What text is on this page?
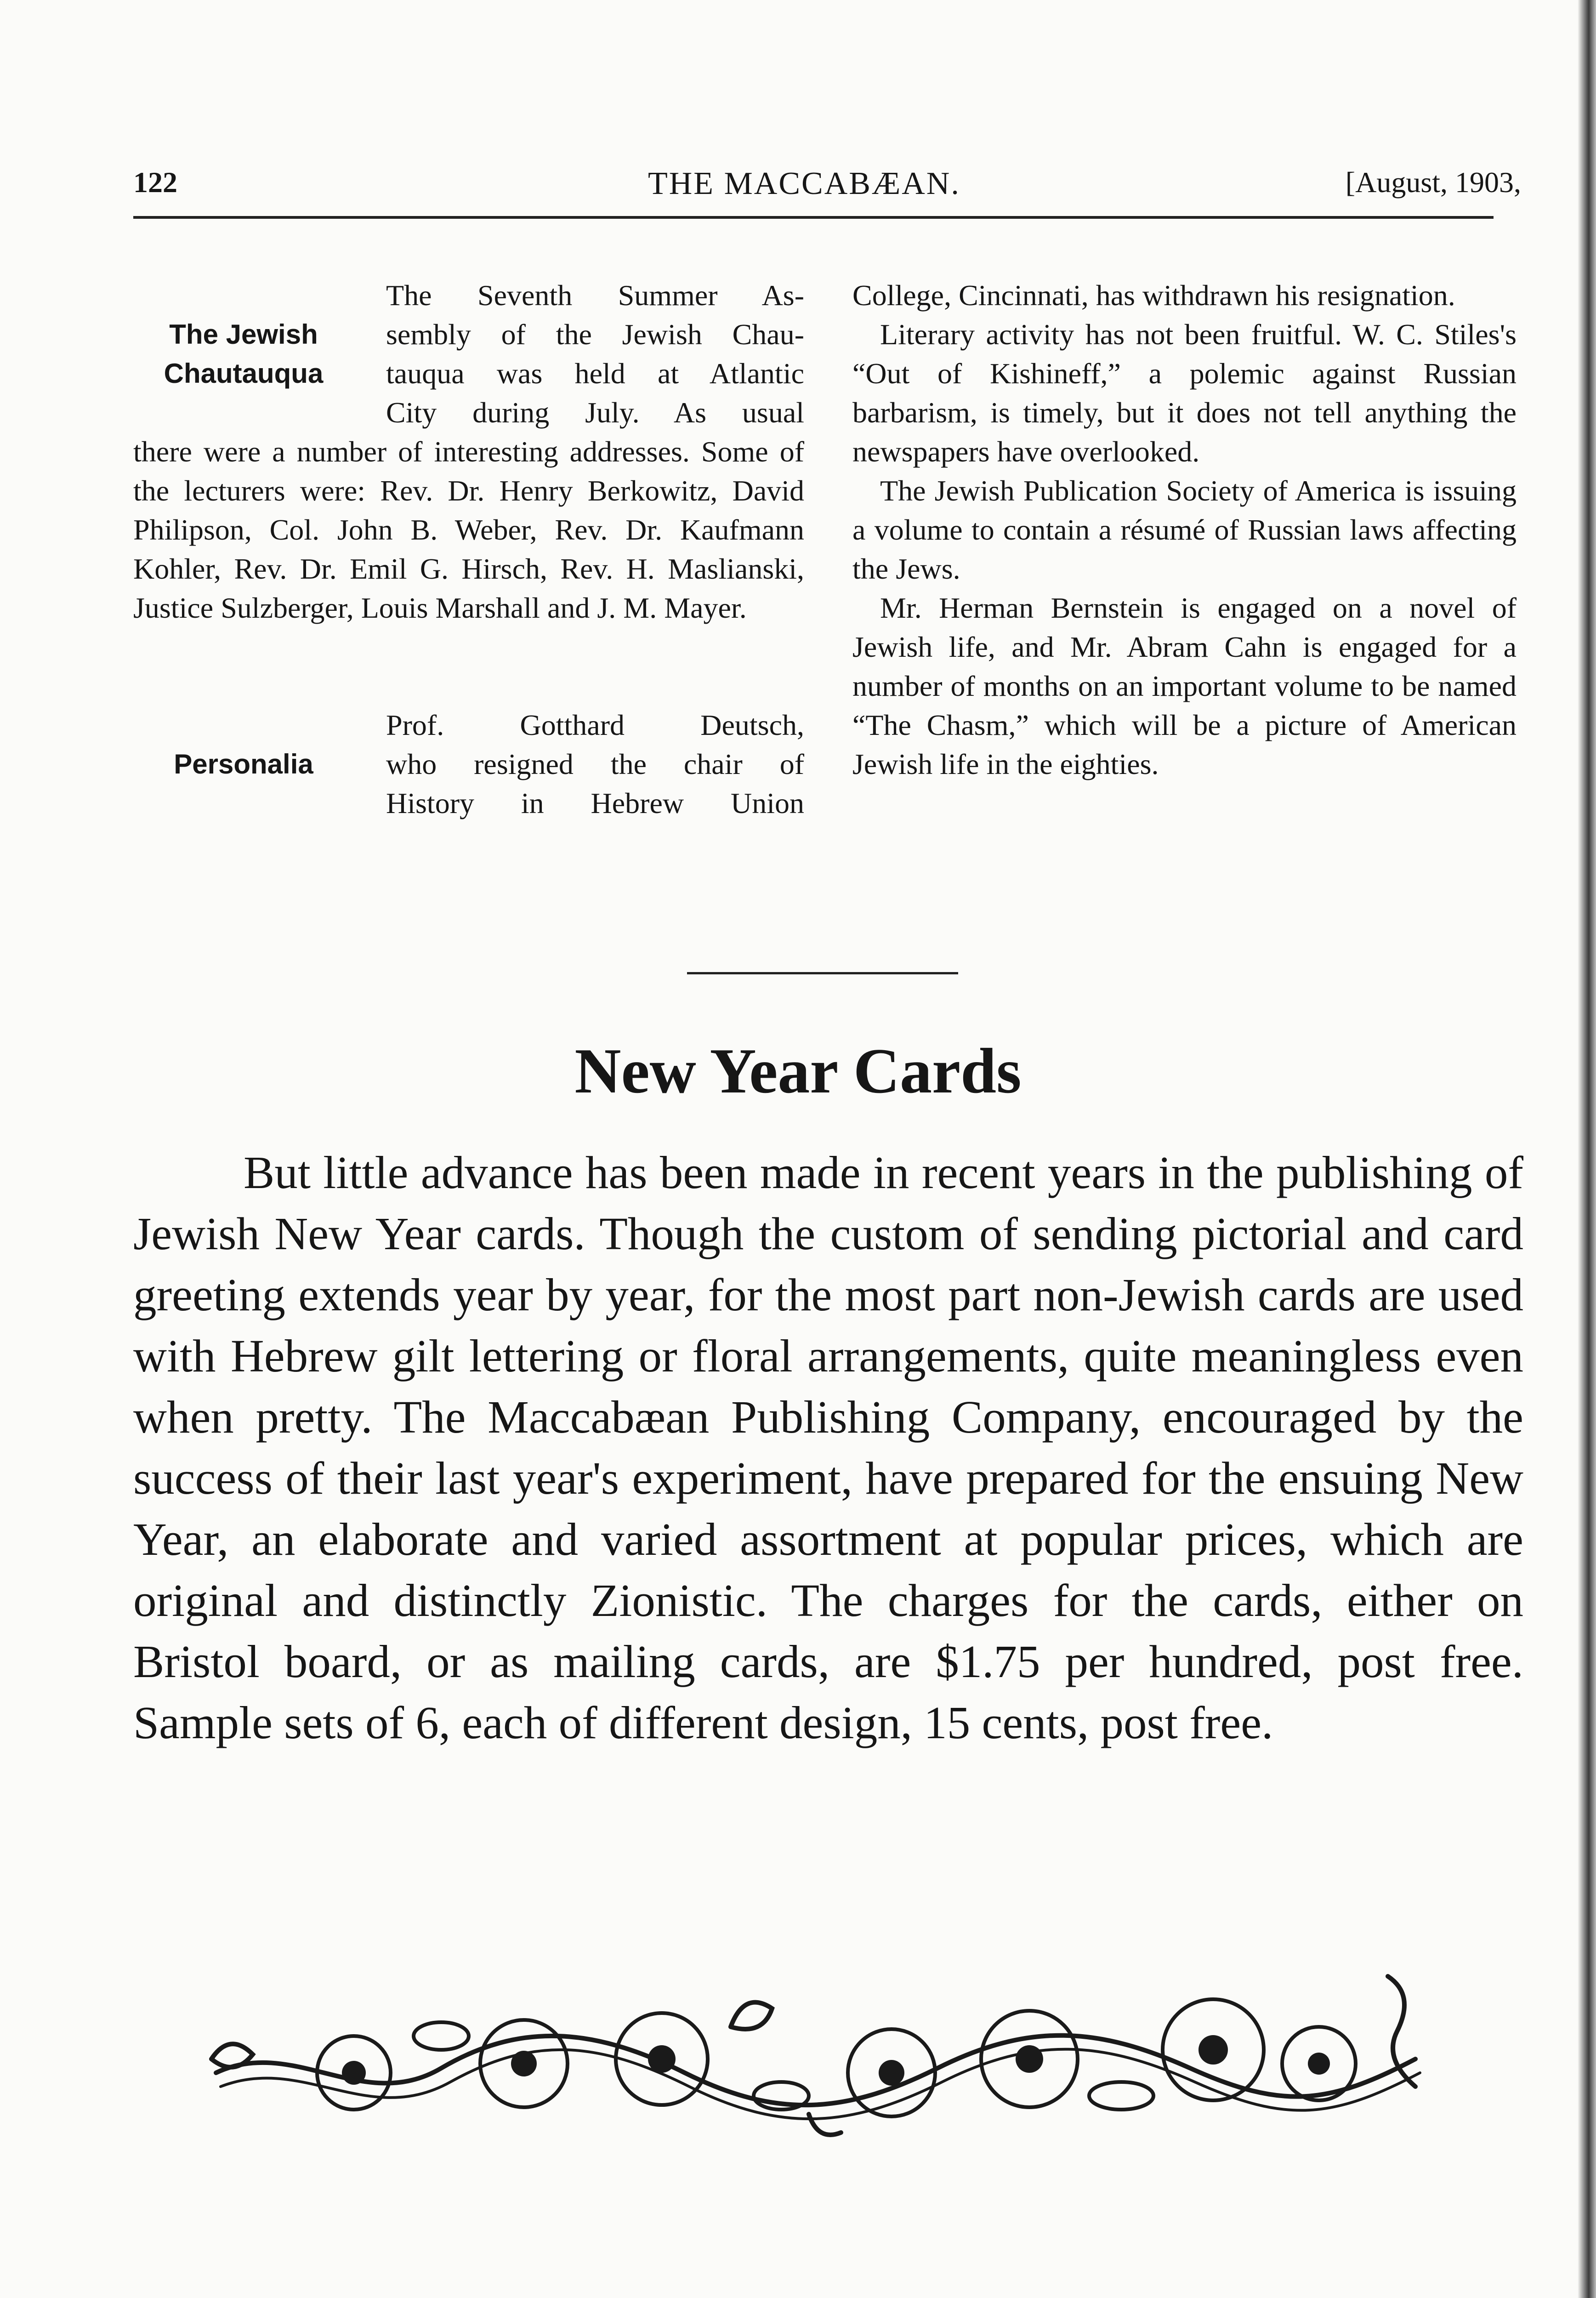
122	THE MACCABÆAN.	[August, 1903,
The Jewish
Chautauqua
The Seventh Summer As-
sembly of the Jewish Chau-
tauqua was held at Atlantic
City during July. As usual

there were a number of interesting addresses. Some of the lecturers were: Rev. Dr. Henry Berkowitz, David Philipson, Col. John B. Weber, Rev. Dr. Kaufmann Kohler, Rev. Dr. Emil G. Hirsch, Rev. H. Maslianski, Justice Sulzberger, Louis Marshall and J. M. Mayer.

Personalia
Prof. Gotthard Deutsch,
who resigned the chair of
History in Hebrew Union

College, Cincinnati, has withdrawn his resignation.

Literary activity has not been fruitful. W. C. Stiles's “Out of Kishineff,” a polemic against Russian barbarism, is timely, but it does not tell anything the newspapers have overlooked.

The Jewish Publication Society of America is issuing a volume to contain a résumé of Russian laws affecting the Jews.

Mr. Herman Bernstein is engaged on a novel of Jewish life, and Mr. Abram Cahn is engaged for a number of months on an important volume to be named “The Chasm,” which will be a picture of American Jewish life in the eighties.

New Year Cards

But little advance has been made in recent years in the publishing of Jewish New Year cards. Though the custom of sending pictorial and card greeting extends year by year, for the most part non-Jewish cards are used with Hebrew gilt lettering or floral arrangements, quite meaningless even when pretty. The Maccabæan Publishing Company, encouraged by the success of their last year's experiment, have prepared for the ensuing New Year, an elaborate and varied assortment at popular prices, which are original and distinctly Zionistic. The charges for the cards, either on Bristol board, or as mailing cards, are $1.75 per hundred, post free. Sample sets of 6, each of different design, 15 cents, post free.
